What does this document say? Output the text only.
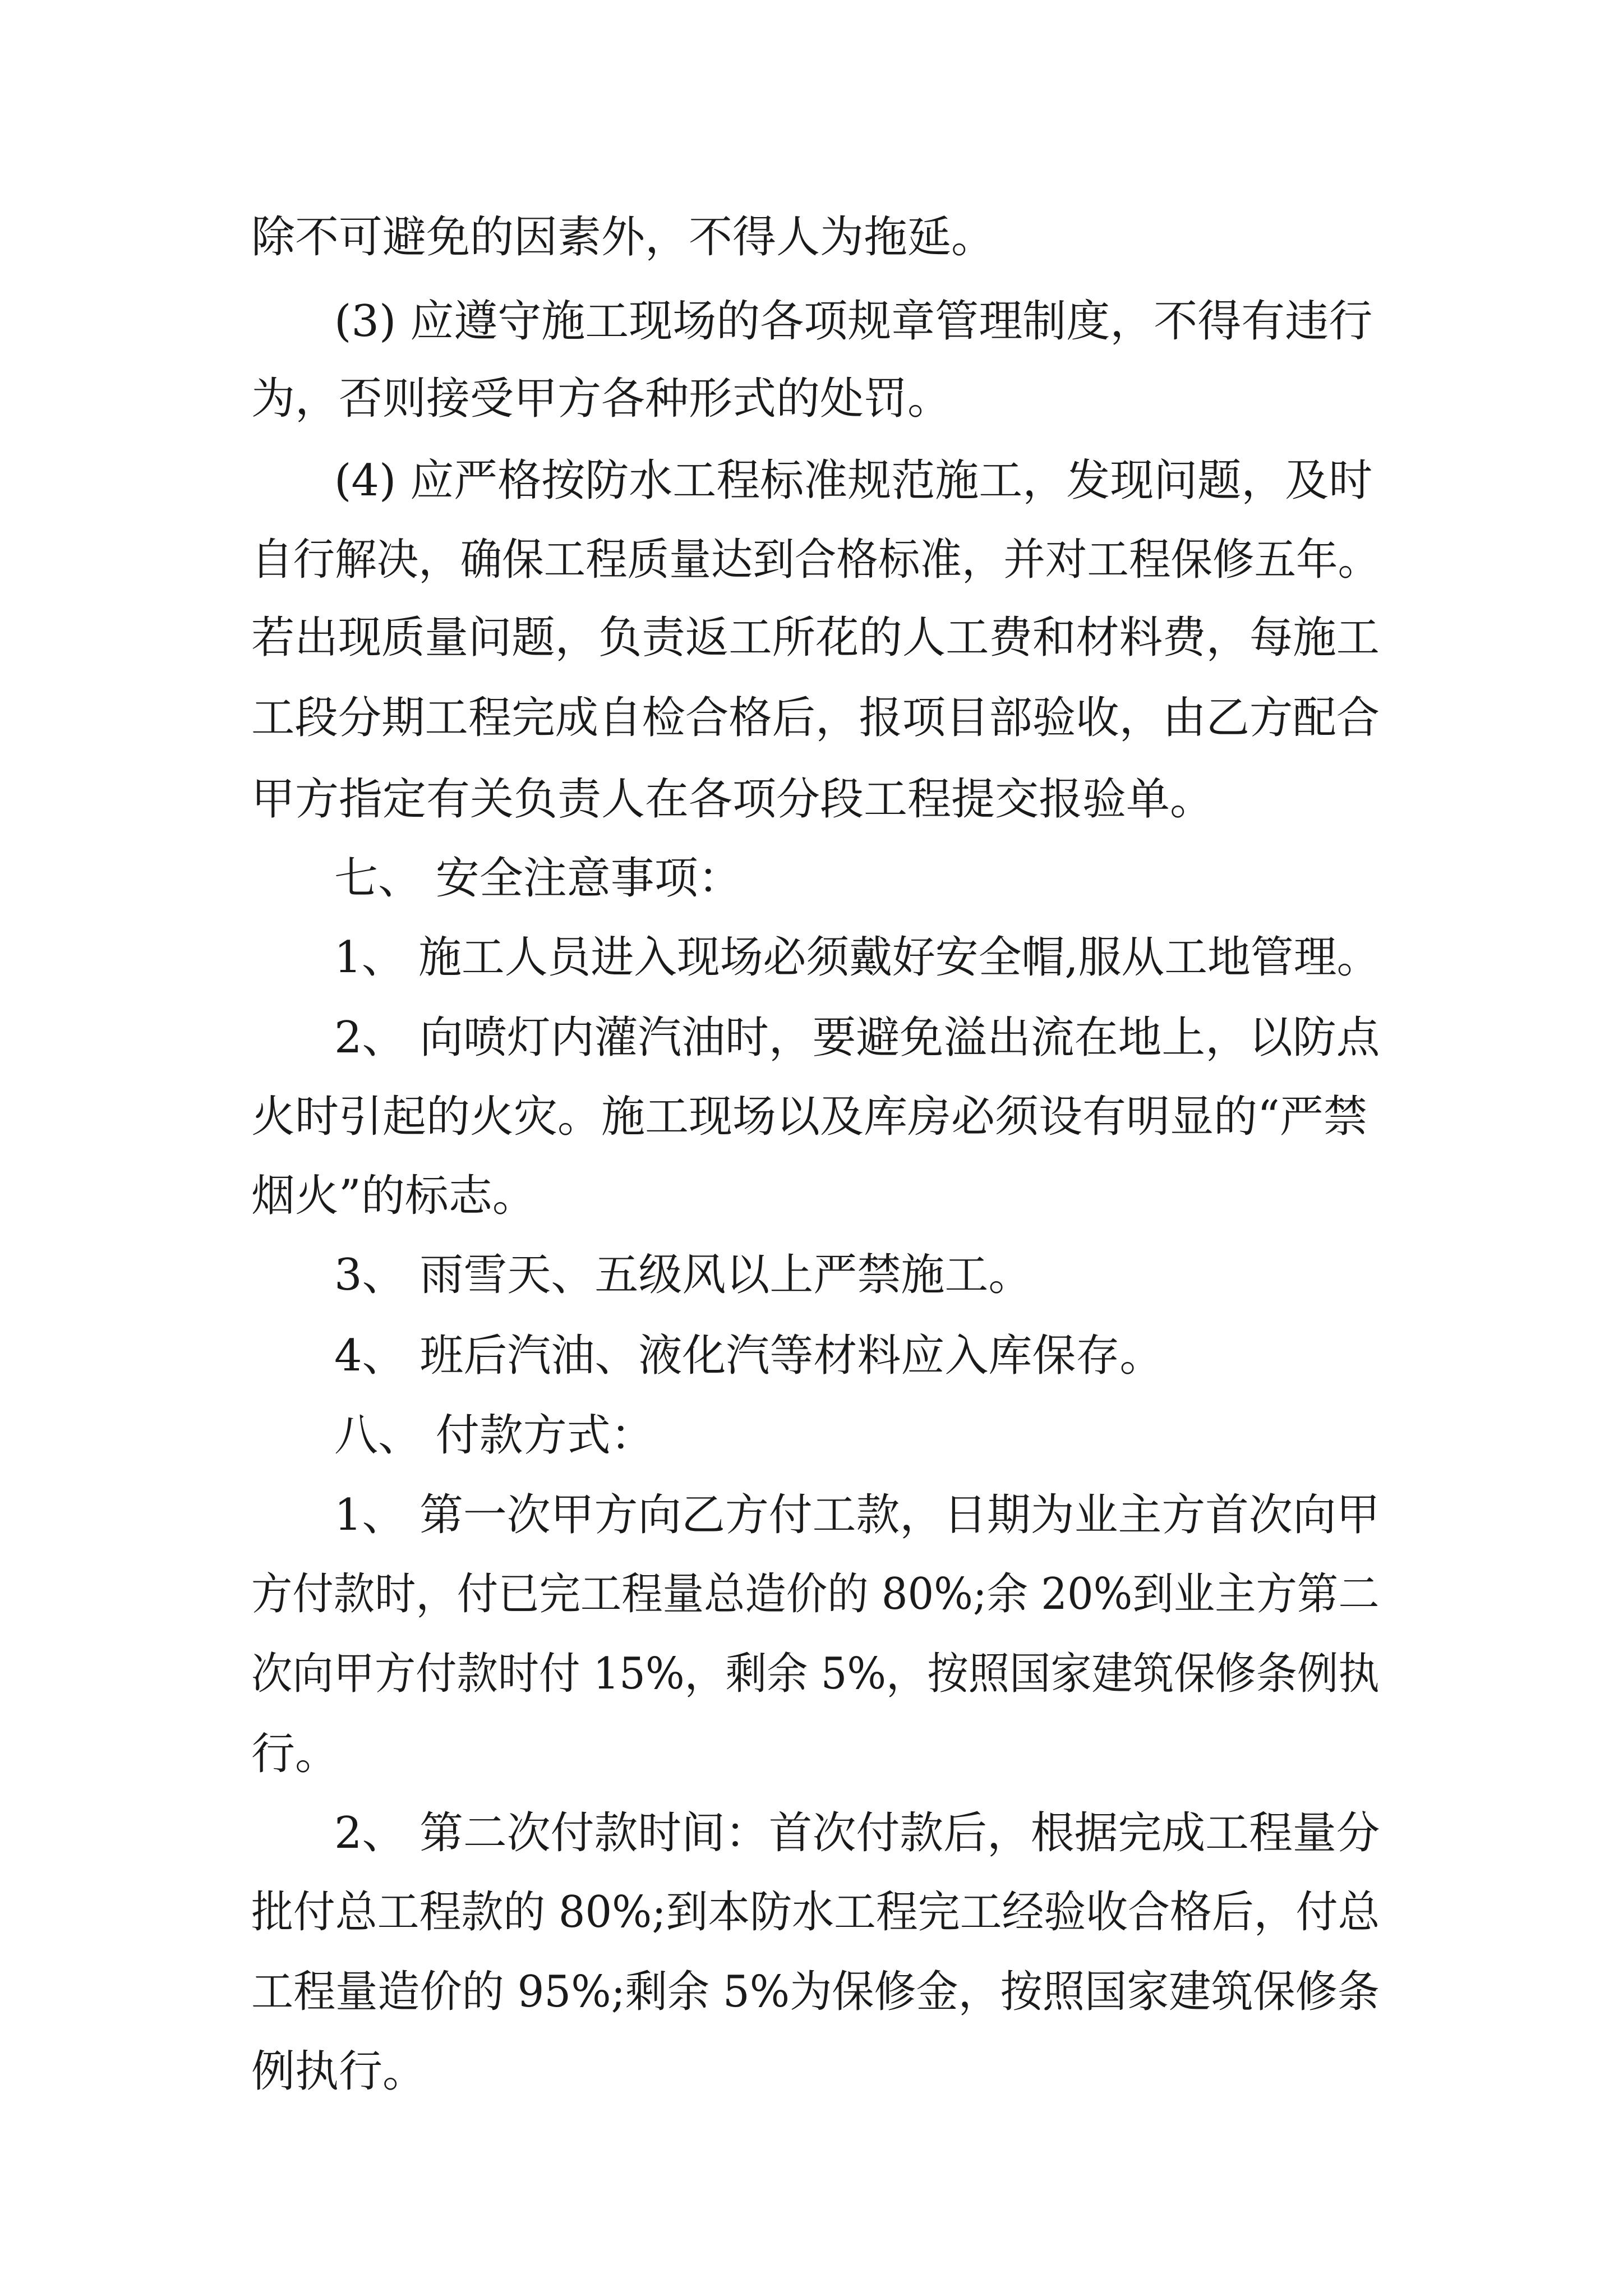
除不可避免的因素外，不得人为拖延。
(3) 应遵守施工现场的各项规章管理制度，不得有违行
为，否则接受甲方各种形式的处罚。
(4) 应严格按防水工程标准规范施工，发现问题，及时
自行解决，确保工程质量达到合格标准，并对工程保修五年。
若出现质量问题，负责返工所花的人工费和材料费，每施工
工段分期工程完成自检合格后，报项目部验收，由乙方配合
甲方指定有关负责人在各项分段工程提交报验单。
七、 安全注意事项：
1、 施工人员进入现场必须戴好安全帽,服从工地管理。
2、 向喷灯内灌汽油时，要避免溢出流在地上，以防点
火时引起的火灾。施工现场以及库房必须设有明显的“严禁
烟火”的标志。
3、 雨雪天、五级风以上严禁施工。
4、 班后汽油、液化汽等材料应入库保存。
八、 付款方式：
1、 第一次甲方向乙方付工款，日期为业主方首次向甲
方付款时，付已完工程量总造价的 80%;余 20%到业主方第二
次向甲方付款时付 15%，剩余 5%，按照国家建筑保修条例执
行。
2、 第二次付款时间：首次付款后，根据完成工程量分
批付总工程款的 80%;到本防水工程完工经验收合格后，付总
工程量造价的 95%;剩余 5%为保修金，按照国家建筑保修条
例执行。
